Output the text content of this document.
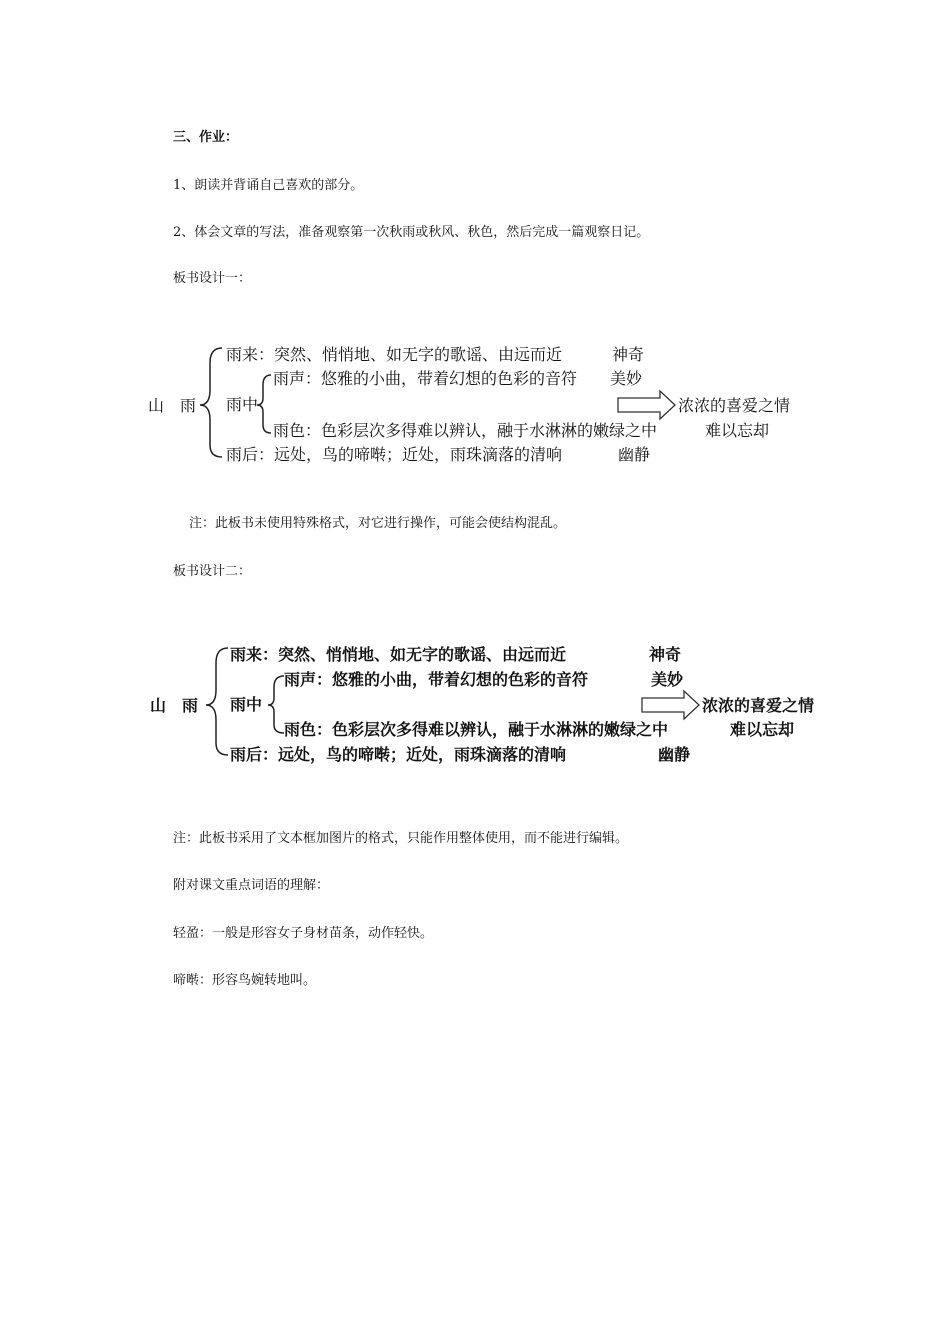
三、作业：
1、朗读并背诵自己喜欢的部分。
2、体会文章的写法，准备观察第一次秋雨或秋风、秋色，然后完成一篇观察日记。
板书设计一：
山　雨
雨来：突然、悄悄地、如无字的歌谣、由远而近	神奇
雨中
雨声：悠雅的小曲，带着幻想的色彩的音符 美妙
雨色：色彩层次多得难以辨认，融于水淋淋的嫩绿之中	难以忘却
雨后：远处，鸟的啼啭；近处，雨珠滴落的清响	幽静
浓浓的喜爱之情
注：此板书未使用特殊格式，对它进行操作，可能会使结构混乱。
板书设计二：
山　雨
雨来：突然、悄悄地、如无字的歌谣、由远而近	神奇
雨中
雨声：悠雅的小曲，带着幻想的色彩的音符	美妙
雨色：色彩层次多得难以辨认，融于水淋淋的嫩绿之中	难以忘却
雨后：远处，鸟的啼啭；近处，雨珠滴落的清响	幽静
浓浓的喜爱之情
注：此板书采用了文本框加图片的格式，只能作用整体使用，而不能进行编辑。
附对课文重点词语的理解：
轻盈：一般是形容女子身材苗条，动作轻快。
啼啭：形容鸟婉转地叫。
